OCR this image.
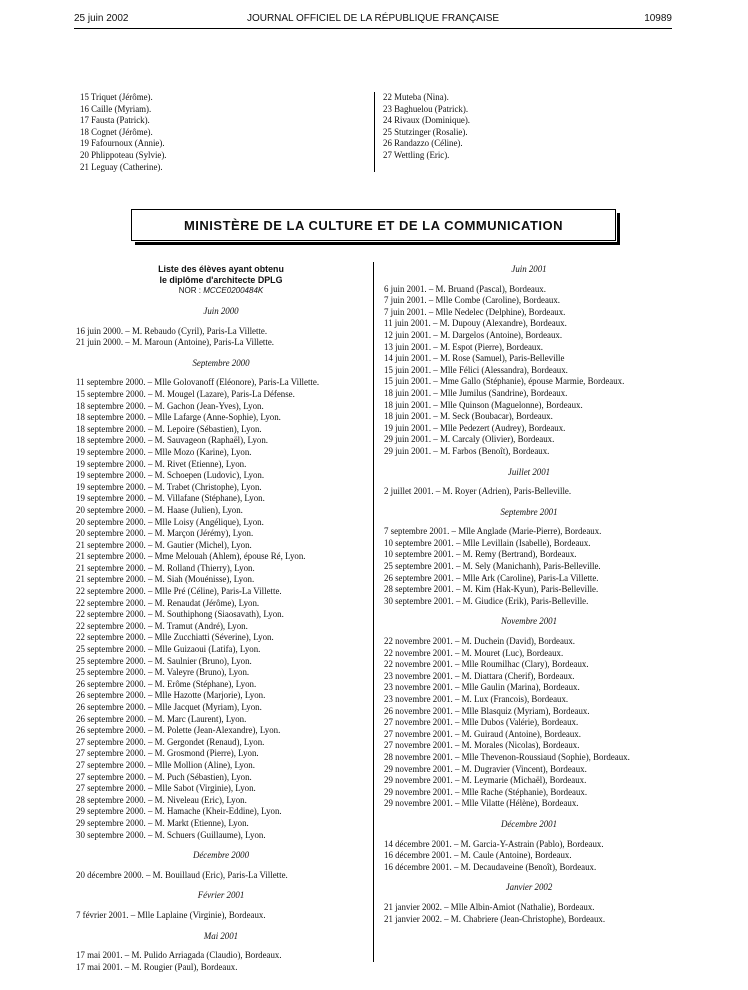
25 juin 2002	JOURNAL OFFICIEL DE LA RÉPUBLIQUE FRANÇAISE	10989
15 Triquet (Jérôme).
16 Caille (Myriam).
17 Fausta (Patrick).
18 Cognet (Jérôme).
19 Fafournoux (Annie).
20 Phlippoteau (Sylvie).
21 Leguay (Catherine).
22 Muteba (Nina).
23 Baghuelou (Patrick).
24 Rivaux (Dominique).
25 Stutzinger (Rosalie).
26 Randazzo (Céline).
27 Wettling (Eric).
MINISTÈRE DE LA CULTURE ET DE LA COMMUNICATION
Liste des élèves ayant obtenu
le diplôme d'architecte DPLG
NOR : MCCE0200484K
Juin 2000
16 juin 2000. – M. Rebaudo (Cyril), Paris-La Villette.
21 juin 2000. – M. Maroun (Antoine), Paris-La Villette.
Septembre 2000
11 septembre 2000. – Mlle Golovanoff (Eléonore), Paris-La Villette.
15 septembre 2000. – M. Mougel (Lazare), Paris-La Défense.
18 septembre 2000. – M. Gachon (Jean-Yves), Lyon.
18 septembre 2000. – Mlle Lafarge (Anne-Sophie), Lyon.
18 septembre 2000. – M. Lepoire (Sébastien), Lyon.
18 septembre 2000. – M. Sauvageon (Raphaël), Lyon.
19 septembre 2000. – Mlle Mozo (Karine), Lyon.
19 septembre 2000. – M. Rivet (Etienne), Lyon.
19 septembre 2000. – M. Schoepen (Ludovic), Lyon.
19 septembre 2000. – M. Trabet (Christophe), Lyon.
19 septembre 2000. – M. Villafane (Stéphane), Lyon.
20 septembre 2000. – M. Haase (Julien), Lyon.
20 septembre 2000. – Mlle Loisy (Angélique), Lyon.
20 septembre 2000. – M. Marçon (Jérémy), Lyon.
21 septembre 2000. – M. Gautier (Michel), Lyon.
21 septembre 2000. – Mme Melouah (Ahlem), épouse Ré, Lyon.
21 septembre 2000. – M. Rolland (Thierry), Lyon.
21 septembre 2000. – M. Siah (Mouénisse), Lyon.
22 septembre 2000. – Mlle Pré (Céline), Paris-La Villette.
22 septembre 2000. – M. Renaudat (Jérôme), Lyon.
22 septembre 2000. – M. Southiphong (Siaosavath), Lyon.
22 septembre 2000. – M. Tramut (André), Lyon.
22 septembre 2000. – Mlle Zucchiatti (Séverine), Lyon.
25 septembre 2000. – Mlle Guizaoui (Latifa), Lyon.
25 septembre 2000. – M. Saulnier (Bruno), Lyon.
25 septembre 2000. – M. Valeyre (Bruno), Lyon.
26 septembre 2000. – M. Erôme (Stéphane), Lyon.
26 septembre 2000. – Mlle Hazotte (Marjorie), Lyon.
26 septembre 2000. – Mlle Jacquet (Myriam), Lyon.
26 septembre 2000. – M. Marc (Laurent), Lyon.
26 septembre 2000. – M. Polette (Jean-Alexandre), Lyon.
27 septembre 2000. – M. Gergondet (Renaud), Lyon.
27 septembre 2000. – M. Grosmond (Pierre), Lyon.
27 septembre 2000. – Mlle Mollion (Aline), Lyon.
27 septembre 2000. – M. Puch (Sébastien), Lyon.
27 septembre 2000. – Mlle Sabot (Virginie), Lyon.
28 septembre 2000. – M. Niveleau (Eric), Lyon.
29 septembre 2000. – M. Hamache (Kheir-Eddine), Lyon.
29 septembre 2000. – M. Markt (Etienne), Lyon.
30 septembre 2000. – M. Schuers (Guillaume), Lyon.
Décembre 2000
20 décembre 2000. – M. Bouillaud (Eric), Paris-La Villette.
Février 2001
7 février 2001. – Mlle Laplaine (Virginie), Bordeaux.
Mai 2001
17 mai 2001. – M. Pulido Arriagada (Claudio), Bordeaux.
17 mai 2001. – M. Rougier (Paul), Bordeaux.
Juin 2001
6 juin 2001. – M. Bruand (Pascal), Bordeaux.
7 juin 2001. – Mlle Combe (Caroline), Bordeaux.
7 juin 2001. – Mlle Nedelec (Delphine), Bordeaux.
11 juin 2001. – M. Dupouy (Alexandre), Bordeaux.
12 juin 2001. – M. Dargelos (Antoine), Bordeaux.
13 juin 2001. – M. Espot (Pierre), Bordeaux.
14 juin 2001. – M. Rose (Samuel), Paris-Belleville
15 juin 2001. – Mlle Félici (Alessandra), Bordeaux.
15 juin 2001. – Mme Gallo (Stéphanie), épouse Marmie, Bordeaux.
18 juin 2001. – Mlle Jumilus (Sandrine), Bordeaux.
18 juin 2001. – Mlle Quinson (Maguelonne), Bordeaux.
18 juin 2001. – M. Seck (Boubacar), Bordeaux.
19 juin 2001. – Mlle Pedezert (Audrey), Bordeaux.
29 juin 2001. – M. Carcaly (Olivier), Bordeaux.
29 juin 2001. – M. Farbos (Benoît), Bordeaux.
Juillet 2001
2 juillet 2001. – M. Royer (Adrien), Paris-Belleville.
Septembre 2001
7 septembre 2001. – Mlle Anglade (Marie-Pierre), Bordeaux.
10 septembre 2001. – Mlle Levillain (Isabelle), Bordeaux.
10 septembre 2001. – M. Remy (Bertrand), Bordeaux.
25 septembre 2001. – M. Sely (Manichanh), Paris-Belleville.
26 septembre 2001. – Mlle Ark (Caroline), Paris-La Villette.
28 septembre 2001. – M. Kim (Hak-Kyun), Paris-Belleville.
30 septembre 2001. – M. Giudice (Erik), Paris-Belleville.
Novembre 2001
22 novembre 2001. – M. Duchein (David), Bordeaux.
22 novembre 2001. – M. Mouret (Luc), Bordeaux.
22 novembre 2001. – Mlle Roumilhac (Clary), Bordeaux.
23 novembre 2001. – M. Diattara (Cherif), Bordeaux.
23 novembre 2001. – Mlle Gaulin (Marina), Bordeaux.
23 novembre 2001. – M. Lux (Francois), Bordeaux.
26 novembre 2001. – Mlle Blasquiz (Myriam), Bordeaux.
27 novembre 2001. – Mlle Dubos (Valérie), Bordeaux.
27 novembre 2001. – M. Guiraud (Antoine), Bordeaux.
27 novembre 2001. – M. Morales (Nicolas), Bordeaux.
28 novembre 2001. – Mlle Thevenon-Roussiaud (Sophie), Bordeaux.
29 novembre 2001. – M. Dugravier (Vincent), Bordeaux.
29 novembre 2001. – M. Leymarie (Michaël), Bordeaux.
29 novembre 2001. – Mlle Rache (Stéphanie), Bordeaux.
29 novembre 2001. – Mlle Vilatte (Hélène), Bordeaux.
Décembre 2001
14 décembre 2001. – M. Garcia-Y-Astrain (Pablo), Bordeaux.
16 décembre 2001. – M. Caule (Antoine), Bordeaux.
16 décembre 2001. – M. Decaudaveine (Benoît), Bordeaux.
Janvier 2002
21 janvier 2002. – Mlle Albin-Amiot (Nathalie), Bordeaux.
21 janvier 2002. – M. Chabriere (Jean-Christophe), Bordeaux.
